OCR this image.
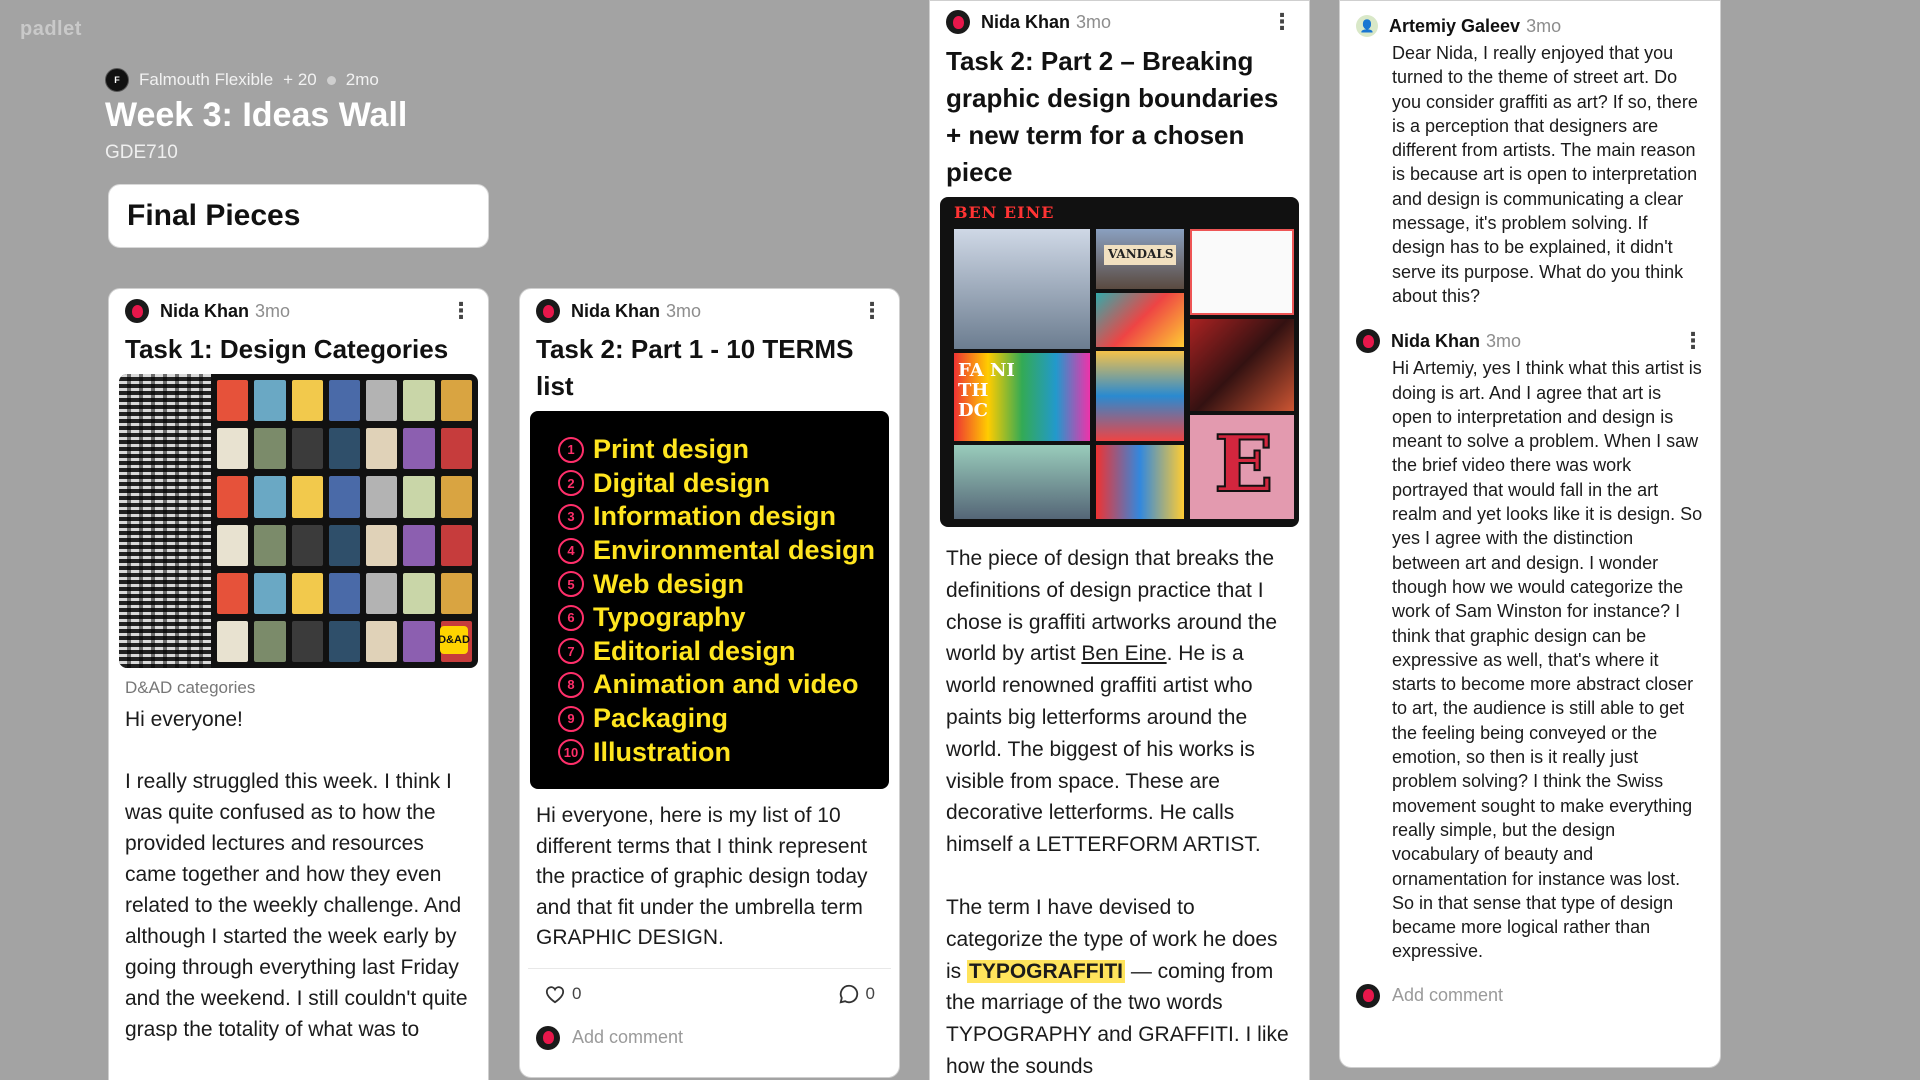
padlet
F	Falmouth Flexible + 20 2mo
Week 3: Ideas Wall
GDE710
Final Pieces
Nida Khan 3mo	⋮
Task 1: Design Categories
D&AD
D&AD categories

Hi everyone!

I really struggled this week. I think I was quite confused as to how the provided lectures and resources came together and how they even related to the weekly challenge. And although I started the week early by going through everything last Friday and the weekend. I still couldn't quite grasp the totality of what was to

Nida Khan 3mo	⋮
Task 2: Part 1 - 10 TERMS list
1 Print design
2 Digital design
3 Information design
4 Environmental design
5 Web design
6 Typography
7 Editorial design
8 Animation and video
9 Packaging
10 Illustration
Hi everyone, here is my list of 10 different terms that I think represent the practice of graphic design today and that fit under the umbrella term GRAPHIC DESIGN.
0	0
Add comment
Nida Khan 3mo	⋮
Task 2: Part 2 – Breaking graphic design boundaries + new term for a chosen piece
BEN EINE
VANDALS
FA NI TH DC
E

The piece of design that breaks the definitions of design practice that I chose is graffiti artworks around the world by artist Ben Eine. He is a world renowned graffiti artist who paints big letterforms around the world. The biggest of his works is visible from space. These are decorative letterforms. He calls himself a LETTERFORM ARTIST.

The term I have devised to categorize the type of work he does is TYPOGRAFFITI — coming from the marriage of the two words TYPOGRAPHY and GRAFFITI. I like how the sounds

👤 Artemiy Galeev 3mo
Dear Nida, I really enjoyed that you turned to the theme of street art. Do you consider graffiti as art? If so, there is a perception that designers are different from artists. The main reason is because art is open to interpretation and design is communicating a clear message, it's problem solving. If design has to be explained, it didn't serve its purpose. What do you think about this?
Nida Khan 3mo	⋮
Hi Artemiy, yes I think what this artist is doing is art. And I agree that art is open to interpretation and design is meant to solve a problem. When I saw the brief video there was work portrayed that would fall in the art realm and yet looks like it is design. So yes I agree with the distinction between art and design. I wonder though how we would categorize the work of Sam Winston for instance? I think that graphic design can be expressive as well, that's where it starts to become more abstract closer to art, the audience is still able to get the feeling being conveyed or the emotion, so then is it really just problem solving? I think the Swiss movement sought to make everything really simple, but the design vocabulary of beauty and ornamentation for instance was lost. So in that sense that type of design became more logical rather than expressive.
Add comment
